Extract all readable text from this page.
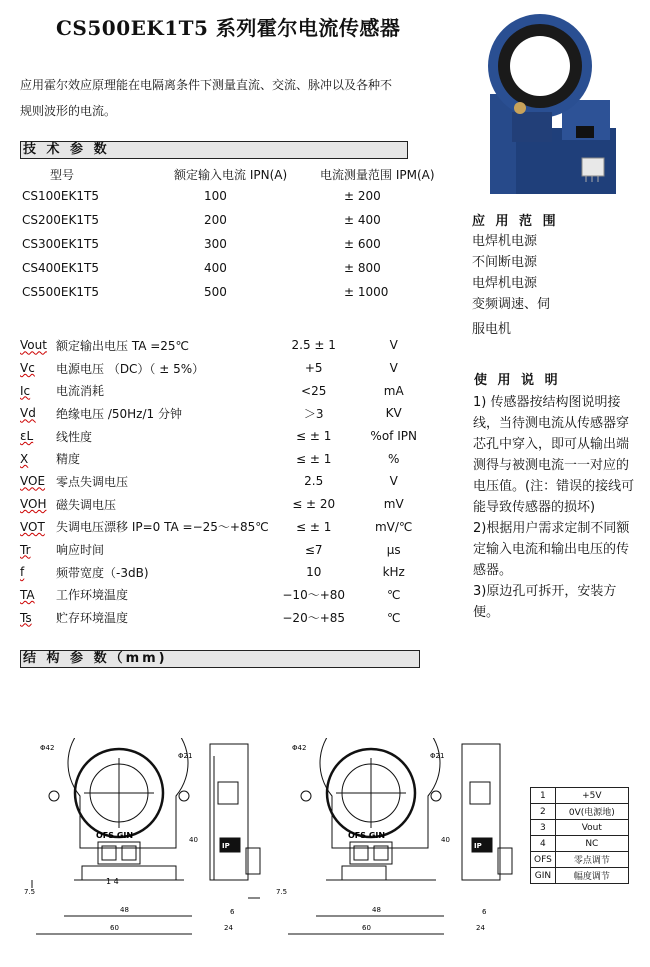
CS500EK1T5 系列霍尔电流传感器
应用霍尔效应原理能在电隔离条件下测量直流、交流、脉冲以及各种不规则波形的电流。
技 术 参 数
型号	额定输入电流 IPN(A)	电流测量范围 IPM(A)
CS100EK1T5	100	± 200
CS200EK1T5	200	± 400
CS300EK1T5	300	± 600
CS400EK1T5	400	± 800
CS500EK1T5	500	± 1000
Vout	额定输出电压 TA =25℃	2.5 ± 1	V
Vc	电源电压 （DC）（ ± 5%）	+5	V
Ic	电流消耗	<25	mA
Vd	绝缘电压 /50Hz/1 分钟	＞3	KV
εL	线性度	≤ ± 1	%of IPN
X	精度	≤ ± 1	%
VOE	零点失调电压	2.5	V
VOH	磁失调电压	≤ ± 20	mV
VOT	失调电压漂移 IP=0 TA =−25～+85℃	≤ ± 1	mV/℃
Tr	响应时间	≤7	μs
f	频带宽度（-3dB)	10	kHz
TA	工作环境温度	−10～+80	℃
Ts	贮存环境温度	−20～+85	℃
应 用 范 围
电焊机电源
不间断电源
电焊机电源
变频调速、伺
服电机
使 用 说 明
1) 传感器按结构图说明接线，当待测电流从传感器穿芯孔中穿入，即可从输出端测得与被测电流一一对应的电压值。(注：错误的接线可能导致传感器的损坏)
2)根据用户需求定制不同额定输入电流和输出电压的传感器。
3)原边孔可拆开，安装方便。
结 构 参 数（mm)
Φ42
Φ21
OFS GIN
1 4
48
60
40
7.5
IP
6
24
Φ42
Φ21
OFS GIN
48
60
40
7.5
IP
6
24
1	+5V
2	0V(电源地)
3	Vout
4	NC
OFS	零点调节
GIN	幅度调节
